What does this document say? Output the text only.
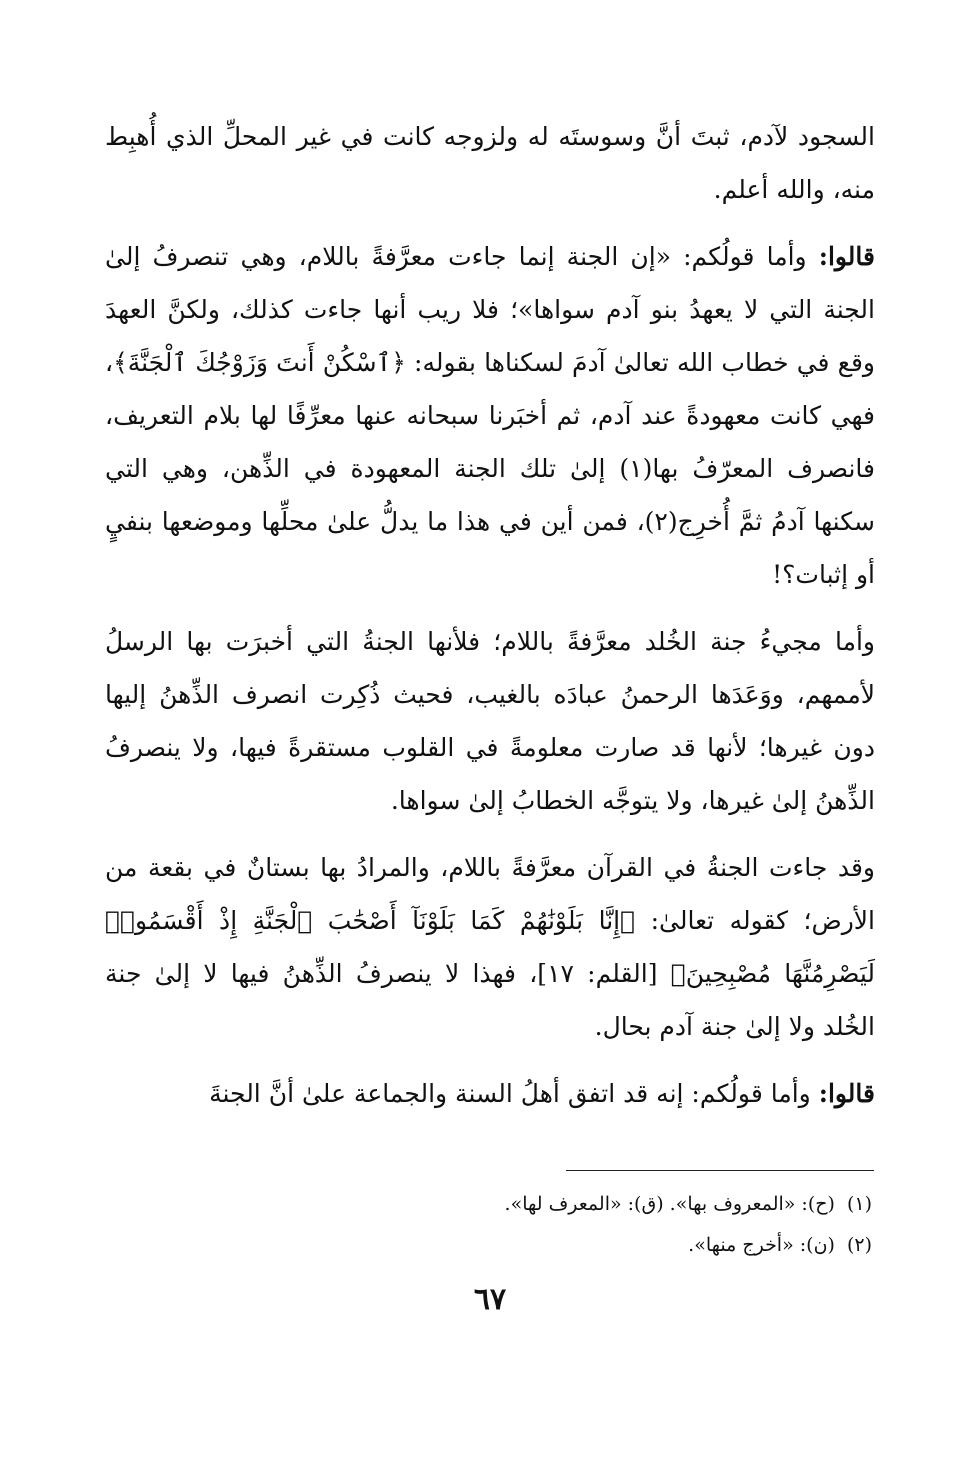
السجود لآدم، ثبتَ أنَّ وسوستَه له ولزوجه كانت في غير المحلِّ الذي أُهبِط منه، والله أعلم.

قالوا: وأما قولُكم: «إن الجنة إنما جاءت معرَّفةً باللام، وهي تنصرفُ إلىٰ الجنة التي لا يعهدُ بنو آدم سواها»؛ فلا ريب أنها جاءت كذلك، ولكنَّ العهدَ وقع في خطاب الله تعالىٰ آدمَ لسكناها بقوله: ﴿ٱسْكُنْ أَنتَ وَزَوْجُكَ ٱلْجَنَّةَ﴾، فهي كانت معهودةً عند آدم، ثم أخبَرنا سبحانه عنها معرِّفًا لها بلام التعريف، فانصرف المعرّفُ بها(١) إلىٰ تلك الجنة المعهودة في الذِّهن، وهي التي سكنها آدمُ ثمَّ أُخرِج(٢)، فمن أين في هذا ما يدلُّ علىٰ محلِّها وموضعها بنفيٍ أو إثبات؟!

وأما مجيءُ جنة الخُلد معرَّفةً باللام؛ فلأنها الجنةُ التي أخبرَت بها الرسلُ لأممهم، ووَعَدَها الرحمنُ عبادَه بالغيب، فحيث ذُكِرت انصرف الذِّهنُ إليها دون غيرها؛ لأنها قد صارت معلومةً في القلوب مستقرةً فيها، ولا ينصرفُ الذِّهنُ إلىٰ غيرها، ولا يتوجَّه الخطابُ إلىٰ سواها.

وقد جاءت الجنةُ في القرآن معرَّفةً باللام، والمرادُ بها بستانٌ في بقعة من الأرض؛ كقوله تعالىٰ: ﴿إِنَّا بَلَوْنَٰهُمْ كَمَا بَلَوْنَآ أَصْحَٰبَ ٱلْجَنَّةِ إِذْ أَقْسَمُوا۟ لَيَصْرِمُنَّهَا مُصْبِحِينَ﴾ [القلم: ١٧]، فهذا لا ينصرفُ الذِّهنُ فيها لا إلىٰ جنة الخُلد ولا إلىٰ جنة آدم بحال.

قالوا: وأما قولُكم: إنه قد اتفق أهلُ السنة والجماعة علىٰ أنَّ الجنةَ

(١)(ح): «المعروف بها». (ق): «المعرف لها».
(٢)(ن): «أخرج منها».
٦٧
